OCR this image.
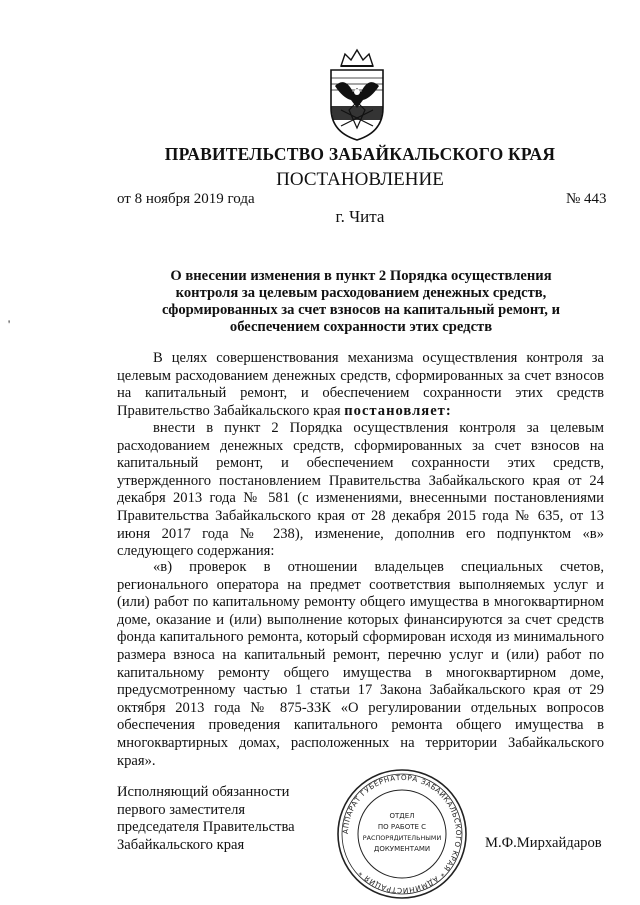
ПРАВИТЕЛЬСТВО ЗАБАЙКАЛЬСКОГО КРАЯ
ПОСТАНОВЛЕНИЕ
от 8 ноября 2019 года	№ 443
г. Чита
О внесении изменения в пункт 2 Порядка осуществления
контроля за целевым расходованием денежных средств,
сформированных за счет взносов на капитальный ремонт, и
обеспечением сохранности этих средств
'

В целях совершенствования механизма осуществления контроля за целевым расходованием денежных средств, сформированных за счет взносов на капитальный ремонт, и обеспечением сохранности этих средств Правительство Забайкальского края постановляет:

внести в пункт 2 Порядка осуществления контроля за целевым расходованием денежных средств, сформированных за счет взносов на капитальный ремонт, и обеспечением сохранности этих средств, утвержденного постановлением Правительства Забайкальского края от 24 декабря 2013 года № 581 (с изменениями, внесенными постановлениями Правительства Забайкальского края от 28 декабря 2015 года № 635, от 13 июня 2017 года № 238), изменение, дополнив его подпунктом «в» следующего содержания:

«в) проверок в отношении владельцев специальных счетов, регионального оператора на предмет соответствия выполняемых услуг и (или) работ по капитальному ремонту общего имущества в многоквартирном доме, оказание и (или) выполнение которых финансируются за счет средств фонда капитального ремонта, который сформирован исходя из минимального размера взноса на капитальный ремонт, перечню услуг и (или) работ по капитальному ремонту общего имущества в многоквартирном доме, предусмотренному частью 1 статьи 17 Закона Забайкальского края от 29 октября 2013 года № 875-ЗЗК «О регулировании отдельных вопросов обеспечения проведения капитального ремонта общего имущества в многоквартирных домах, расположенных на территории Забайкальского края».

Исполняющий обязанности
первого заместителя
председателя Правительства
Забайкальского края
АППАРАТ ГУБЕРНАТОРА ЗАБАЙКАЛЬСКОГО КРАЯ * АДМИНИСТРАЦИЯ *
ОТДЕЛ
ПО РАБОТЕ С
РАСПОРЯДИТЕЛЬНЫМИ
ДОКУМЕНТАМИ	М.Ф.Мирхайдаров
